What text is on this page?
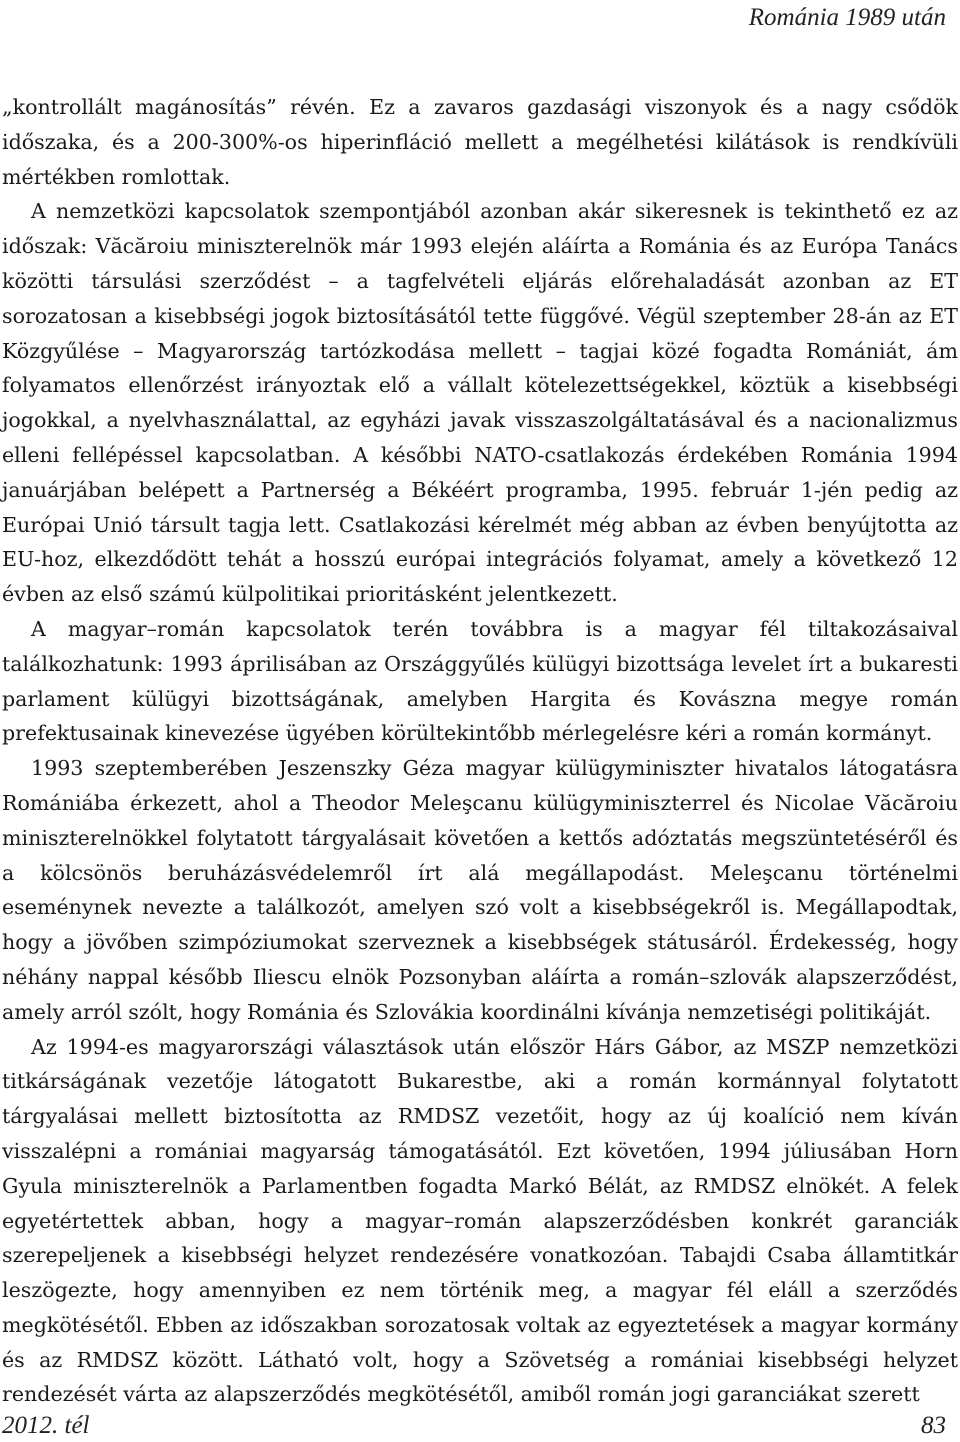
Románia 1989 után

„kontrollált magánosítás” révén. Ez a zavaros gazdasági viszonyok és a nagy csődök időszaka, és a 200-300%-os hiperinfláció mellett a megélhetési kilátások is rendkívüli mértékben romlottak.

A nemzetközi kapcsolatok szempontjából azonban akár sikeresnek is tekinthető ez az időszak: Văcăroiu miniszterelnök már 1993 elején aláírta a Románia és az Európa Tanács közötti társulási szerződést – a tagfelvételi eljárás előrehaladását azonban az ET sorozatosan a kisebbségi jogok biztosításától tette függővé. Végül szeptember 28-án az ET Közgyűlése – Magyarország tartózkodása mellett – tagjai közé fogadta Romániát, ám folyamatos ellenőrzést irányoztak elő a vállalt kötelezettségekkel, köztük a kisebbségi jogokkal, a nyelvhasználattal, az egyházi javak visszaszolgáltatásával és a nacionalizmus elleni fellépéssel kapcsolatban. A későbbi NATO-csatlakozás érdekében Románia 1994 januárjában belépett a Partnerség a Békéért programba, 1995. február 1-jén pedig az Európai Unió társult tagja lett. Csatlakozási kérelmét még abban az évben benyújtotta az EU-hoz, elkezdődött tehát a hosszú európai integrációs folyamat, amely a következő 12 évben az első számú külpolitikai prioritásként jelentkezett.

A magyar–román kapcsolatok terén továbbra is a magyar fél tiltakozásaival találkozhatunk: 1993 áprilisában az Országgyűlés külügyi bizottsága levelet írt a bukaresti parlament külügyi bizottságának, amelyben Hargita és Kovászna megye román prefektusainak kinevezése ügyében körültekintőbb mérlegelésre kéri a román kormányt.

1993 szeptemberében Jeszenszky Géza magyar külügyminiszter hivatalos látogatásra Romániába érkezett, ahol a Theodor Meleşcanu külügyminiszterrel és Nicolae Văcăroiu miniszterelnökkel folytatott tárgyalásait követően a kettős adóztatás megszüntetéséről és a kölcsönös beruházásvédelemről írt alá megállapodást. Meleşcanu történelmi eseménynek nevezte a találkozót, amelyen szó volt a kisebbségekről is. Megállapodtak, hogy a jövőben szimpóziumokat szerveznek a kisebbségek státusáról. Érdekesség, hogy néhány nappal később Iliescu elnök Pozsonyban aláírta a román–szlovák alapszerződést, amely arról szólt, hogy Románia és Szlovákia koordinálni kívánja nemzetiségi politikáját.

Az 1994-es magyarországi választások után először Hárs Gábor, az MSZP nemzetközi titkárságának vezetője látogatott Bukarestbe, aki a román kormánnyal folytatott tárgyalásai mellett biztosította az RMDSZ vezetőit, hogy az új koalíció nem kíván visszalépni a romániai magyarság támogatásától. Ezt követően, 1994 júliusában Horn Gyula miniszterelnök a Parlamentben fogadta Markó Bélát, az RMDSZ elnökét. A felek egyetértettek abban, hogy a magyar–román alapszerződésben konkrét garanciák szerepeljenek a kisebbségi helyzet rendezésére vonatkozóan. Tabajdi Csaba államtitkár leszögezte, hogy amennyiben ez nem történik meg, a magyar fél eláll a szerződés megkötésétől. Ebben az időszakban sorozatosak voltak az egyeztetések a magyar kormány és az RMDSZ között. Látható volt, hogy a Szövetség a romániai kisebbségi helyzet rendezését várta az alapszerződés megkötésétől, amiből román jogi garanciákat szerett

2012. tél	83
